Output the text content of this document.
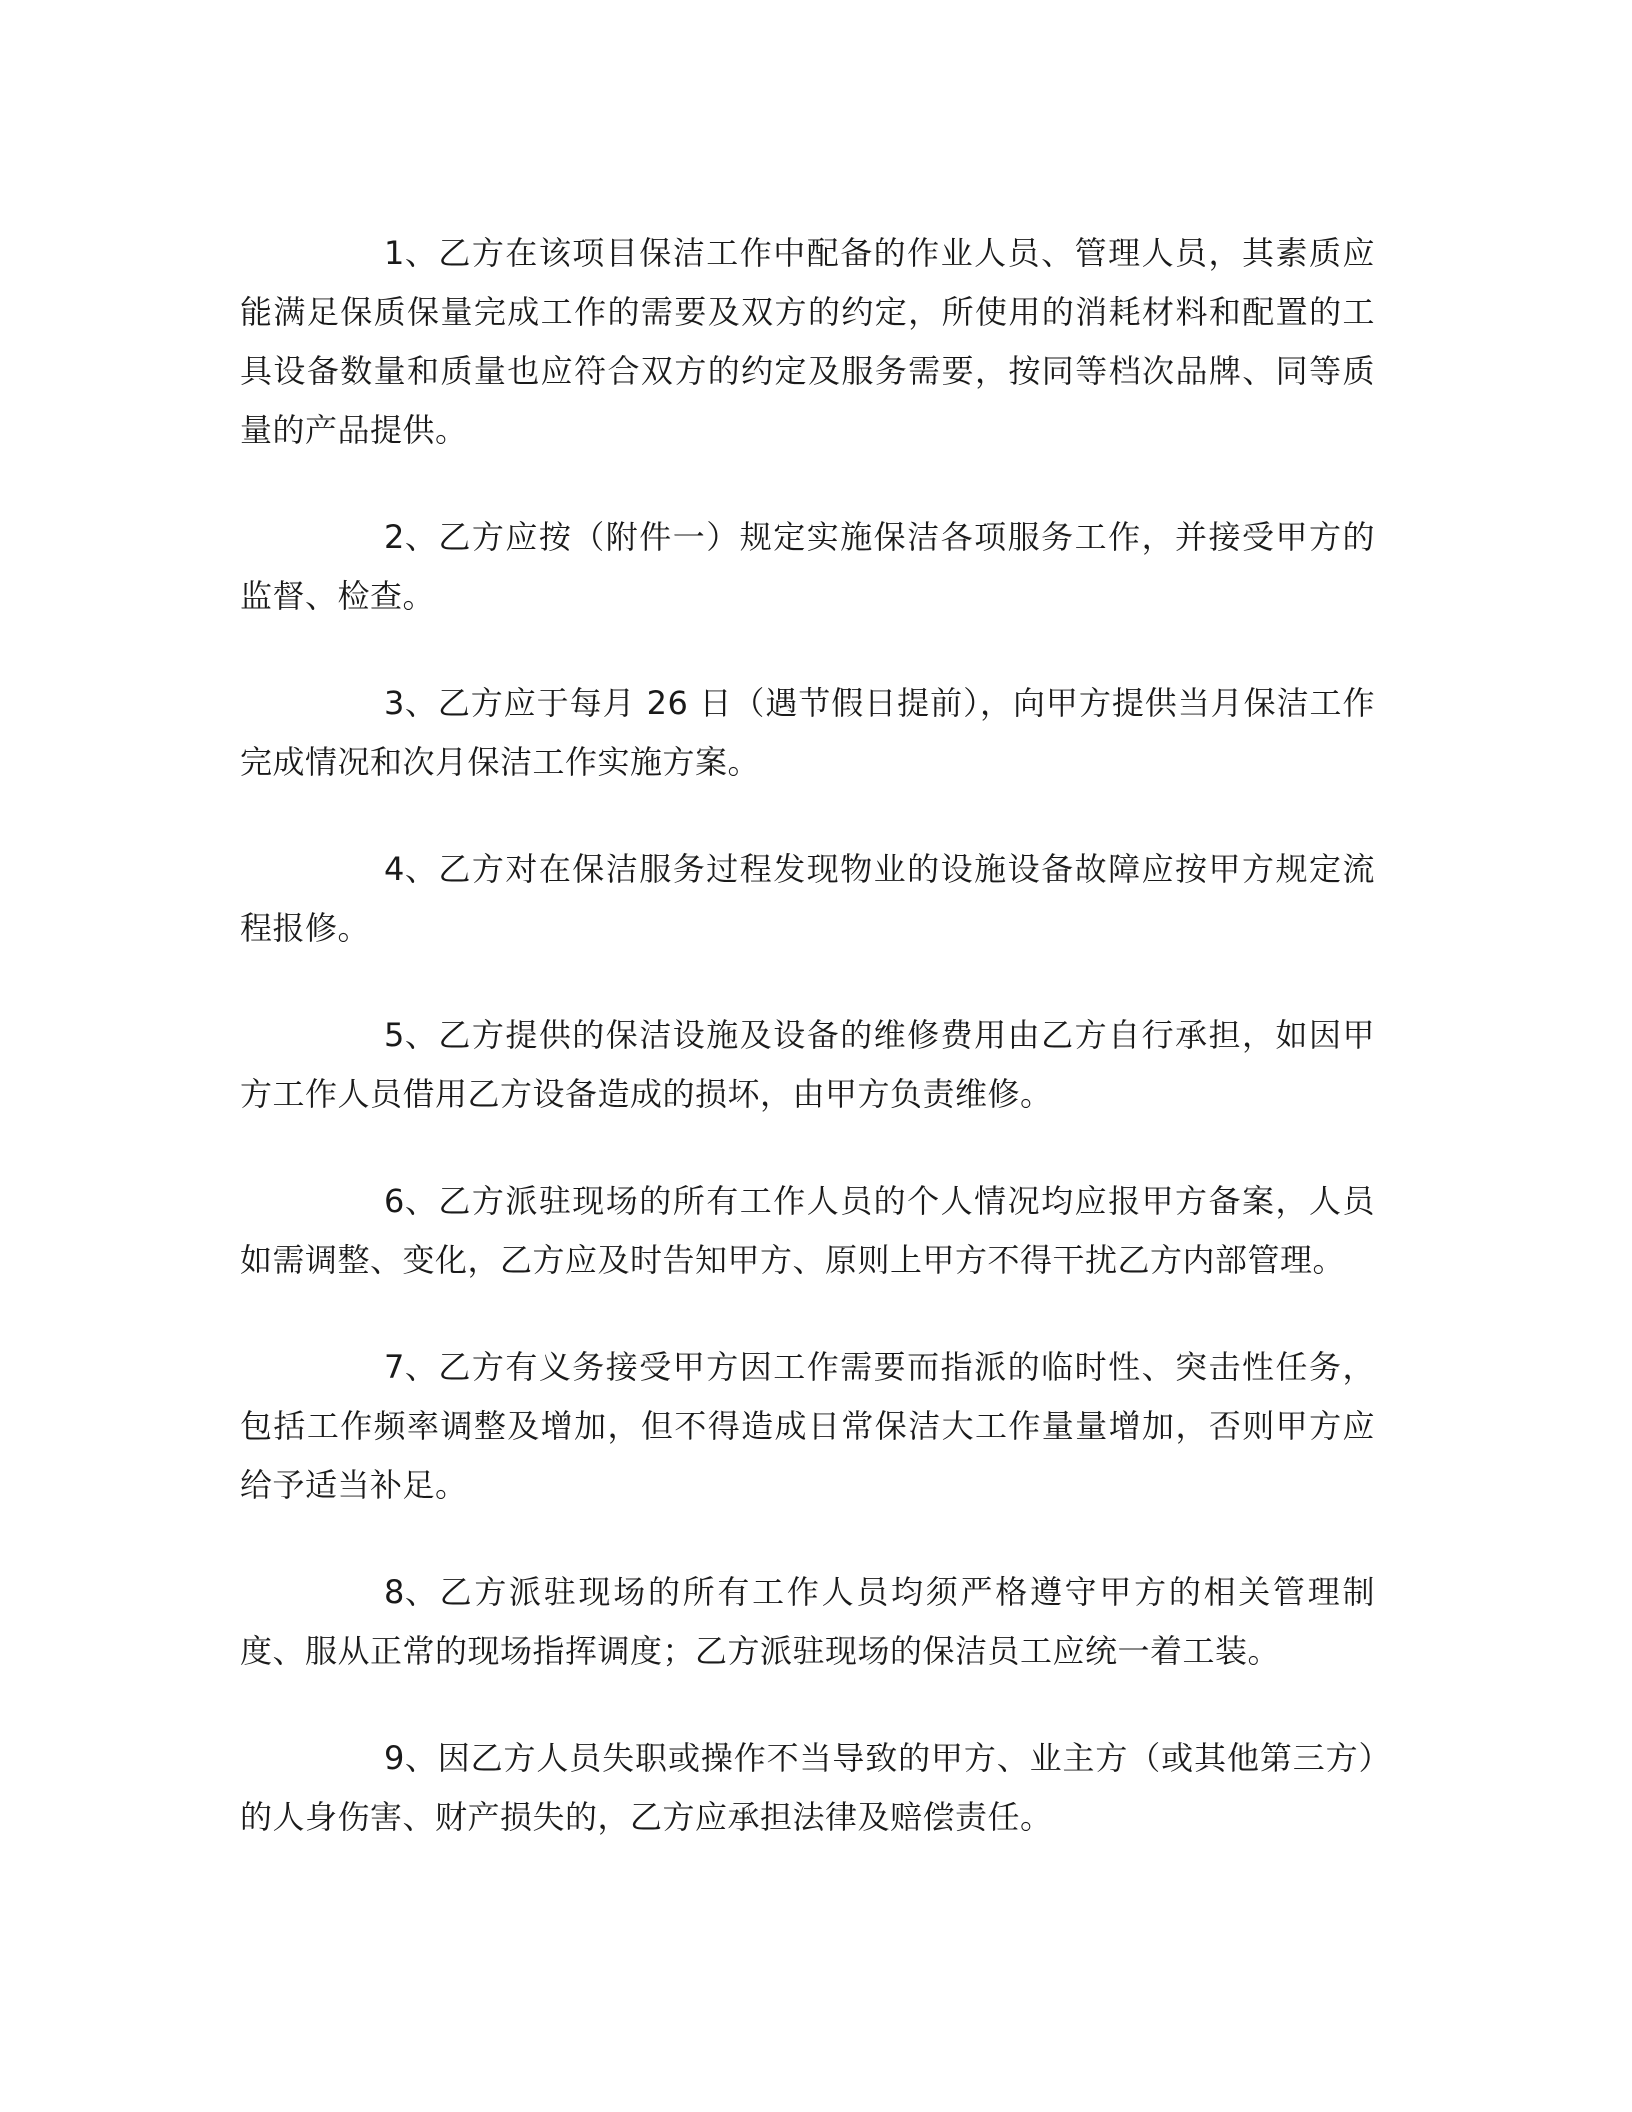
1、乙方在该项目保洁工作中配备的作业人员、管理人员，其素质应能满足保质保量完成工作的需要及双方的约定，所使用的消耗材料和配置的工具设备数量和质量也应符合双方的约定及服务需要，按同等档次品牌、同等质量的产品提供。

2、乙方应按（附件一）规定实施保洁各项服务工作，并接受甲方的监督、检查。

3、乙方应于每月 26 日（遇节假日提前），向甲方提供当月保洁工作完成情况和次月保洁工作实施方案。

4、乙方对在保洁服务过程发现物业的设施设备故障应按甲方规定流程报修。

5、乙方提供的保洁设施及设备的维修费用由乙方自行承担，如因甲方工作人员借用乙方设备造成的损坏，由甲方负责维修。

6、乙方派驻现场的所有工作人员的个人情况均应报甲方备案，人员如需调整、变化，乙方应及时告知甲方、原则上甲方不得干扰乙方内部管理。

7、乙方有义务接受甲方因工作需要而指派的临时性、突击性任务，包括工作频率调整及增加，但不得造成日常保洁大工作量量增加，否则甲方应给予适当补足。

8、乙方派驻现场的所有工作人员均须严格遵守甲方的相关管理制度、服从正常的现场指挥调度；乙方派驻现场的保洁员工应统一着工装。

9、因乙方人员失职或操作不当导致的甲方、业主方（或其他第三方）的人身伤害、财产损失的，乙方应承担法律及赔偿责任。
